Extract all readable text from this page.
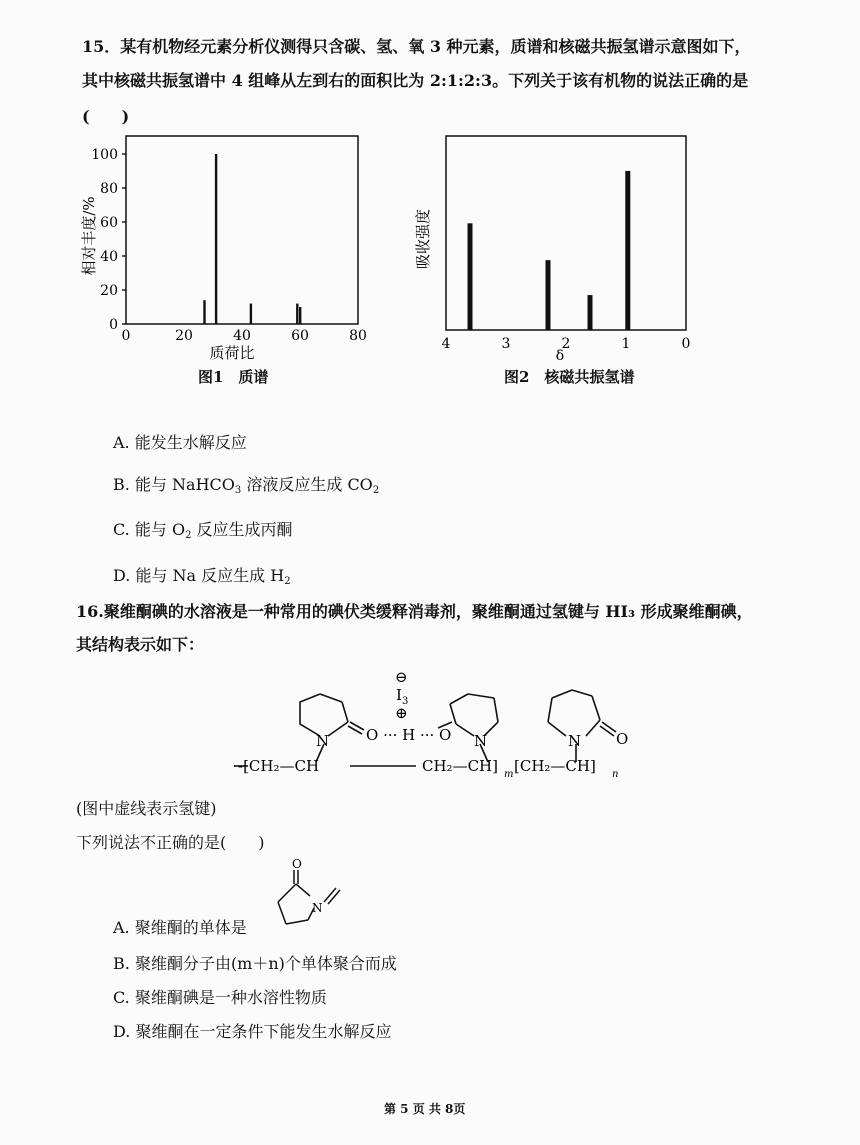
15．某有机物经元素分析仪测得只含碳、氢、氧 3 种元素，质谱和核磁共振氢谱示意图如下，
其中核磁共振氢谱中 4 组峰从左到右的面积比为 2:1:2:3。下列关于该有机物的说法正确的是
(　　)
0
20
40
60
80
100
0	20	40	60	80
质荷比
相对丰度/%
图1　质谱
4	3	2	1	0
δ
吸收强度
图2　核磁共振氢谱
A. 能发生水解反应
B. 能与 NaHCO$_3$ 溶液反应生成 $CO_2$
C. 能与 $O_2$ 反应生成丙酮
D. 能与 Na 反应生成 $H_2$
16.聚维酮碘的水溶液是一种常用的碘伏类缓释消毒剂，聚维酮通过氢键与 HI₃ 形成聚维酮碘，
其结构表示如下：
N O ··· H ··· O N	N O
⊖
$I_3$
⊕
-[CH₂—CH	CH₂—CH] m [CH₂—CH] n
(图中虚线表示氢键)
下列说法不正确的是(　　)
A. 聚维酮的单体是
O
N
B. 聚维酮分子由(m＋n)个单体聚合而成
C. 聚维酮碘是一种水溶性物质
D. 聚维酮在一定条件下能发生水解反应
第 5 页 共 8页
